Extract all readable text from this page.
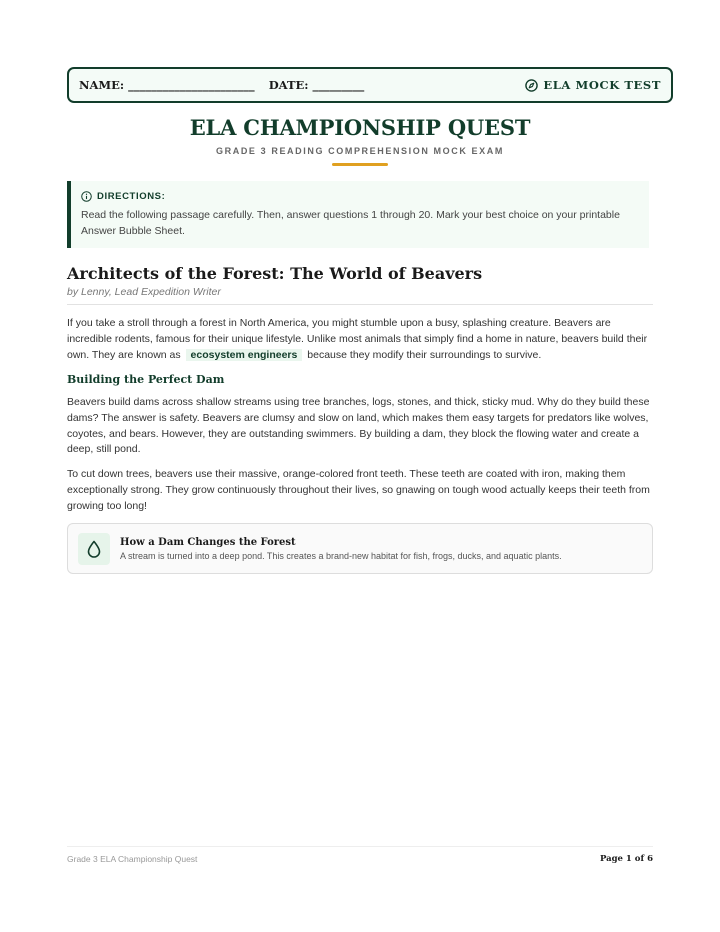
NAME: ______________________ DATE: _________	ELA MOCK TEST
ELA CHAMPIONSHIP QUEST
GRADE 3 READING COMPREHENSION MOCK EXAM
DIRECTIONS:
Read the following passage carefully. Then, answer questions 1 through 20. Mark your best choice on your printable Answer Bubble Sheet.
Architects of the Forest: The World of Beavers
by Lenny, Lead Expedition Writer

If you take a stroll through a forest in North America, you might stumble upon a busy, splashing creature. Beavers are incredible rodents, famous for their unique lifestyle. Unlike most animals that simply find a home in nature, beavers build their own. They are known as ecosystem engineers because they modify their surroundings to survive.

Building the Perfect Dam

Beavers build dams across shallow streams using tree branches, logs, stones, and thick, sticky mud. Why do they build these dams? The answer is safety. Beavers are clumsy and slow on land, which makes them easy targets for predators like wolves, coyotes, and bears. However, they are outstanding swimmers. By building a dam, they block the flowing water and create a deep, still pond.

To cut down trees, beavers use their massive, orange-colored front teeth. These teeth are coated with iron, making them exceptionally strong. They grow continuously throughout their lives, so gnawing on tough wood actually keeps their teeth from growing too long!

How a Dam Changes the Forest
A stream is turned into a deep pond. This creates a brand-new habitat for fish, frogs, ducks, and aquatic plants.
Grade 3 ELA Championship Quest	Page 1 of 6
